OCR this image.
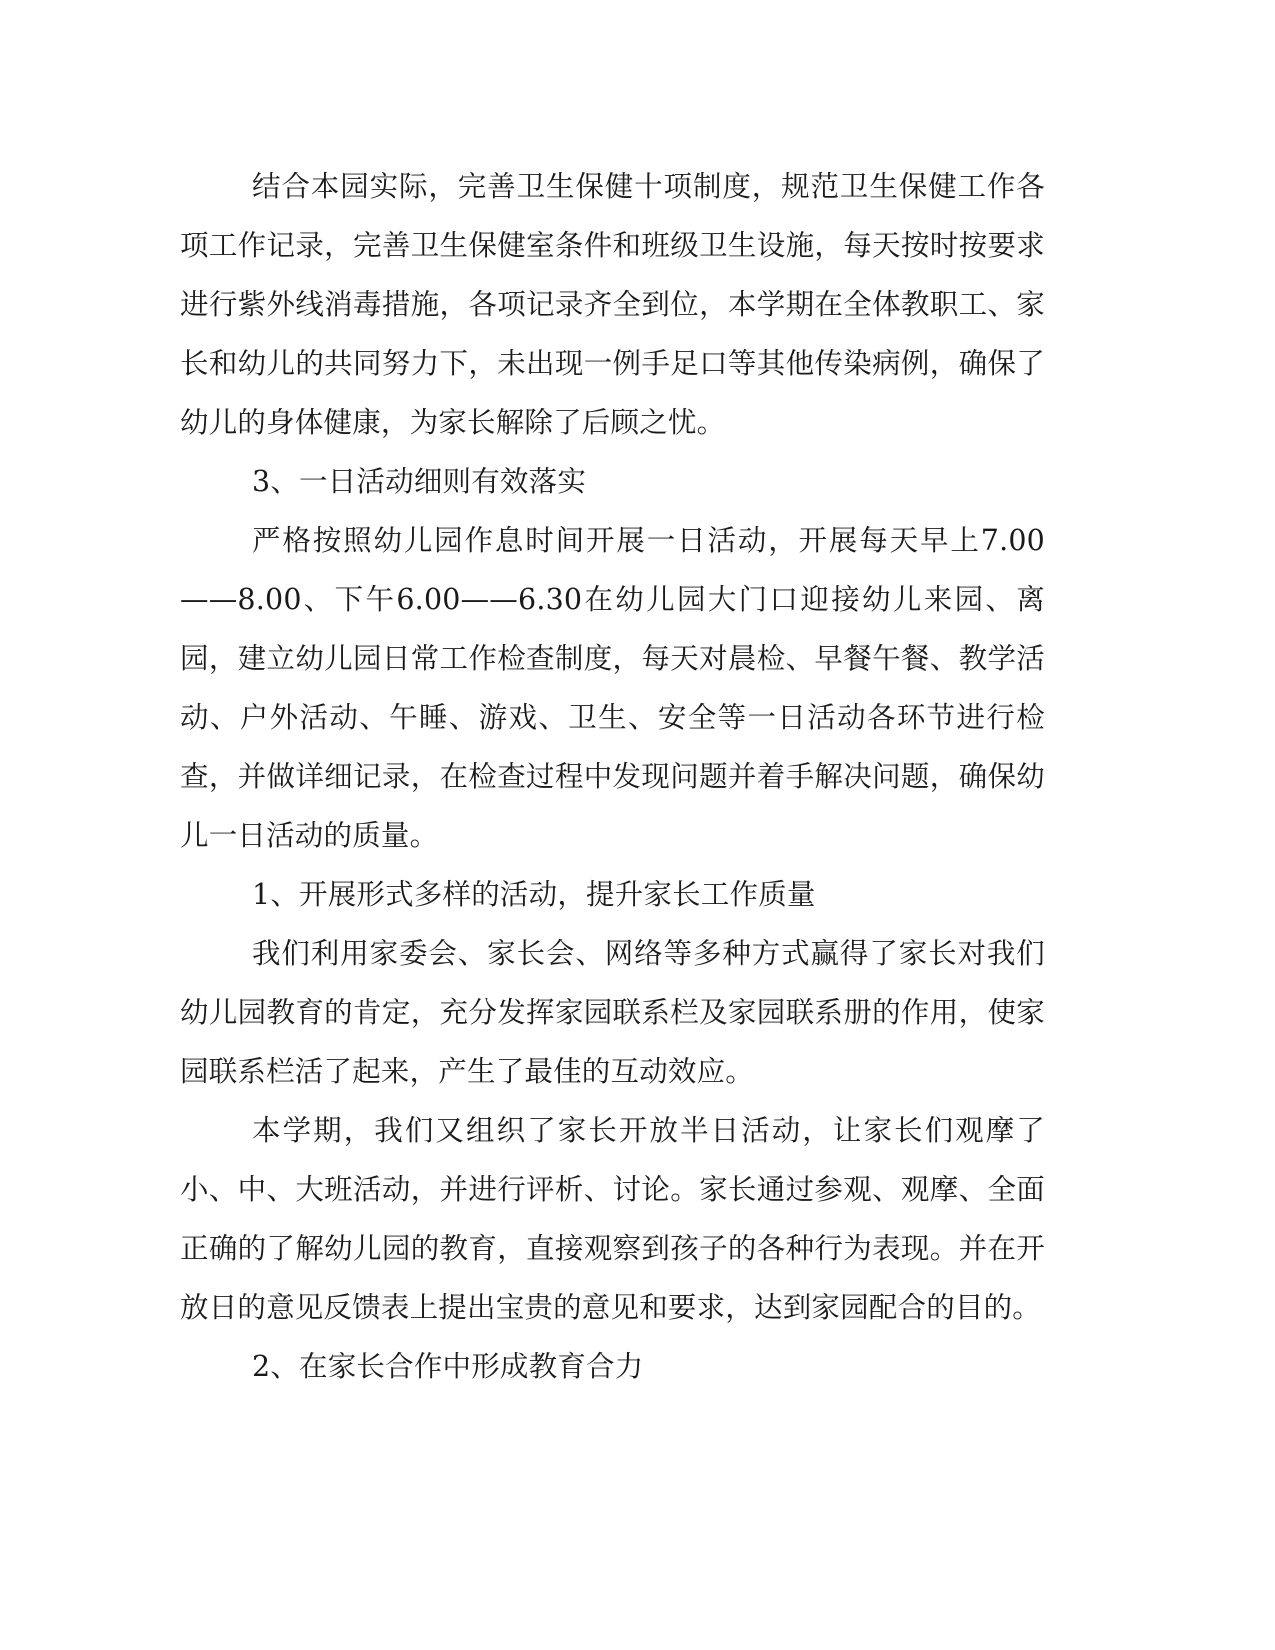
结合本园实际，完善卫生保健十项制度，规范卫生保健工作各项工作记录，完善卫生保健室条件和班级卫生设施，每天按时按要求进行紫外线消毒措施，各项记录齐全到位，本学期在全体教职工、家长和幼儿的共同努力下，未出现一例手足口等其他传染病例，确保了幼儿的身体健康，为家长解除了后顾之忧。

3、一日活动细则有效落实

严格按照幼儿园作息时间开展一日活动，开展每天早上7.00——8.00、下午6.00——6.30在幼儿园大门口迎接幼儿来园、离园，建立幼儿园日常工作检查制度，每天对晨检、早餐午餐、教学活动、户外活动、午睡、游戏、卫生、安全等一日活动各环节进行检查，并做详细记录，在检查过程中发现问题并着手解决问题，确保幼儿一日活动的质量。

1、开展形式多样的活动，提升家长工作质量

我们利用家委会、家长会、网络等多种方式赢得了家长对我们幼儿园教育的肯定，充分发挥家园联系栏及家园联系册的作用，使家园联系栏活了起来，产生了最佳的互动效应。

本学期，我们又组织了家长开放半日活动，让家长们观摩了小、中、大班活动，并进行评析、讨论。家长通过参观、观摩、全面正确的了解幼儿园的教育，直接观察到孩子的各种行为表现。并在开放日的意见反馈表上提出宝贵的意见和要求，达到家园配合的目的。

2、在家长合作中形成教育合力
